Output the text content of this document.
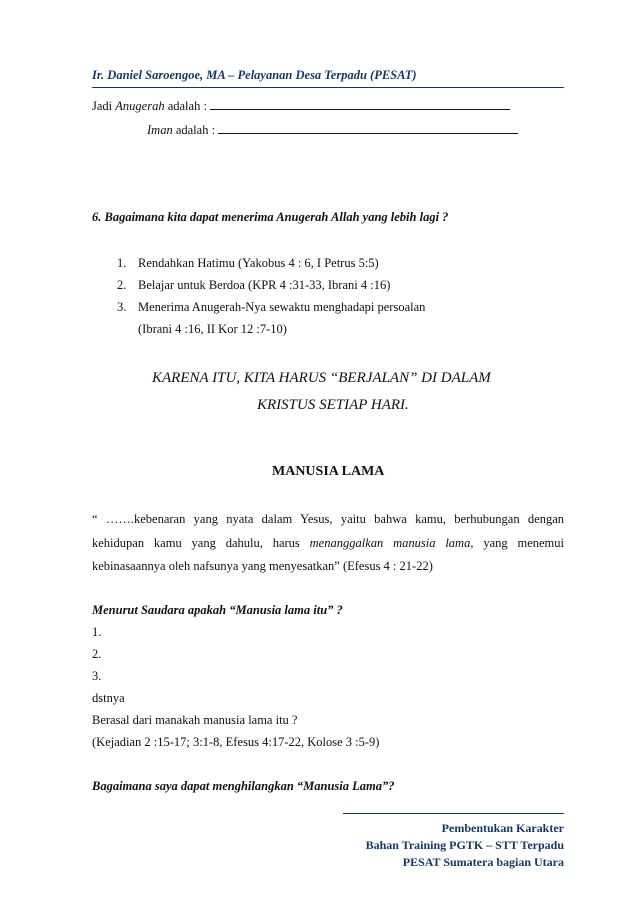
Ir. Daniel Saroengoe, MA – Pelayanan Desa Terpadu (PESAT)
Jadi Anugerah adalah :
Iman adalah :
6. Bagaimana kita dapat menerima Anugerah Allah yang lebih lagi ?
1. Rendahkan Hatimu (Yakobus 4 : 6, I Petrus 5:5)
2. Belajar untuk Berdoa (KPR 4 :31-33, Ibrani 4 :16)
3. Menerima Anugerah-Nya sewaktu menghadapi persoalan
(Ibrani 4 :16, II Kor 12 :7-10)
KARENA ITU, KITA HARUS “BERJALAN” DI DALAM
KRISTUS SETIAP HARI.
MANUSIA LAMA
“ …….kebenaran yang nyata dalam Yesus, yaitu bahwa kamu, berhubungan dengan
kehidupan kamu yang dahulu, harus menanggalkan manusia lama, yang menemui
kebinasaannya oleh nafsunya yang menyesatkan” (Efesus 4 : 21-22)
Menurut Saudara apakah “Manusia lama itu” ?
1.
2.
3.
dstnya
Berasal dari manakah manusia lama itu ?
(Kejadian 2 :15-17; 3:1-8, Efesus 4:17-22, Kolose 3 :5-9)
Bagaimana saya dapat menghilangkan “Manusia Lama”?
Pembentukan Karakter
Bahan Training PGTK – STT Terpadu
PESAT Sumatera bagian Utara
